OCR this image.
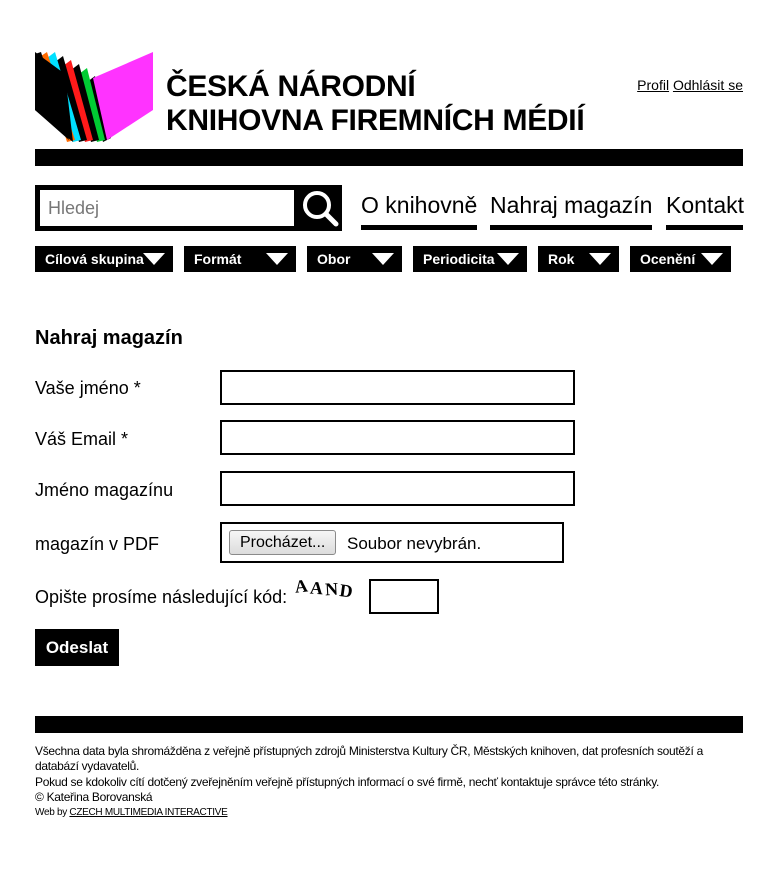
ČESKÁ NÁRODNÍ
KNIHOVNA FIREMNÍCH MÉDIÍ
Profil Odhlásit se
Hledej
O knihovně Nahraj magazín Kontakt
Cílová skupina	Formát	Obor	Periodicita	Rok	Ocenění
Nahraj magazín
Vaše jméno *
Váš Email *
Jméno magazínu
magazín v PDF	Procházet...	Soubor nevybrán.
Opište prosíme následující kód:
AAND
Odeslat
Všechna data byla shromážděna z veřejně přístupných zdrojů Ministerstva Kultury ČR, Městských knihoven, dat profesních soutěží a databází vydavatelů.
Pokud se kdokoliv cítí dotčený zveřejněním veřejně přístupných informací o své firmě, nechť kontaktuje správce této stránky.
© Kateřina Borovanská
Web by CZECH MULTIMEDIA INTERACTIVE
